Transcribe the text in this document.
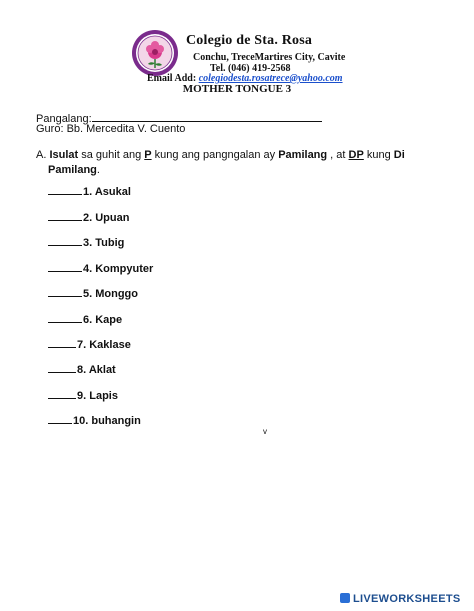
Colegio de Sta. Rosa
Conchu, TreceMartires City, Cavite
Tel. (046) 419-2568
Email Add: colegiodesta.rosatrece@yahoo.com
MOTHER TONGUE 3
Pangalang:
Guro: Bb. Mercedita V. Cuento
A. Isulat sa guhit ang P kung ang pangngalan ay Pamilang , at DP kung Di
Pamilang.
1. Asukal
2. Upuan
3. Tubig
4. Kompyuter
5. Monggo
6. Kape
7. Kaklase
8. Aklat
9. Lapis
10. buhangin
v
LIVEWORKSHEETS
